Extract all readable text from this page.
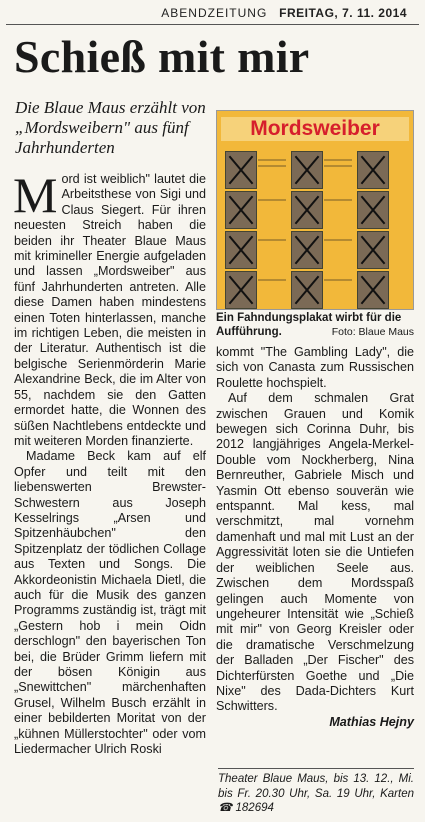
ABENDZEITUNG FREITAG, 7. 11. 2014
Schieß mit mir
Die Blaue Maus erzählt von „Mordsweibern" aus fünf Jahrhunderten

Mord ist weiblich" lautet die Arbeitsthese von Sigi und Claus Siegert. Für ihren neuesten Streich haben die beiden ihr Theater Blaue Maus mit krimineller Energie aufgeladen und lassen „Mordsweiber" aus fünf Jahrhunderten antreten. Alle diese Damen haben mindestens einen Toten hinterlassen, manche im richtigen Leben, die meisten in der Literatur. Authentisch ist die belgische Serienmörderin Marie Alexandrine Beck, die im Alter von 55, nachdem sie den Gatten ermordet hatte, die Wonnen des süßen Nachtlebens entdeckte und mit weiteren Morden finanzierte.

Madame Beck kam auf elf Opfer und teilt mit den liebenswerten Brewster-Schwestern aus Joseph Kesselrings „Arsen und Spitzenhäubchen" den Spitzenplatz der tödlichen Collage aus Texten und Songs. Die Akkordeonistin Michaela Dietl, die auch für die Musik des ganzen Programms zuständig ist, trägt mit „Gestern hob i mein Oidn derschlogn" den bayerischen Ton bei, die Brüder Grimm liefern mit der bösen Königin aus „Snewittchen" märchenhaften Grusel, Wilhelm Busch erzählt in einer bebilderten Moritat von der „kühnen Müllerstochter" oder vom Liedermacher Ulrich Roski

Mordsweiber
Ein Fahndungsplakat wirbt für die Aufführung.	Foto: Blaue Maus

kommt "The Gambling Lady", die sich von Canasta zum Russischen Roulette hochspielt.

Auf dem schmalen Grat zwischen Grauen und Komik bewegen sich Corinna Duhr, bis 2012 langjähriges Angela-Merkel-Double vom Nockherberg, Nina Bernreuther, Gabriele Misch und Yasmin Ott ebenso souverän wie entspannt. Mal kess, mal verschmitzt, mal vornehm damenhaft und mal mit Lust an der Aggressivität loten sie die Untiefen der weiblichen Seele aus. Zwischen dem Mordsspaß gelingen auch Momente von ungeheurer Intensität wie „Schieß mit mir" von Georg Kreisler oder die dramatische Verschmelzung der Balladen „Der Fischer" des Dichterfürsten Goethe und „Die Nixe" des Dada-Dichters Kurt Schwitters.

Mathias Hejny
Theater Blaue Maus, bis 13. 12., Mi. bis Fr. 20.30 Uhr, Sa. 19 Uhr, Karten ☎ 182694
